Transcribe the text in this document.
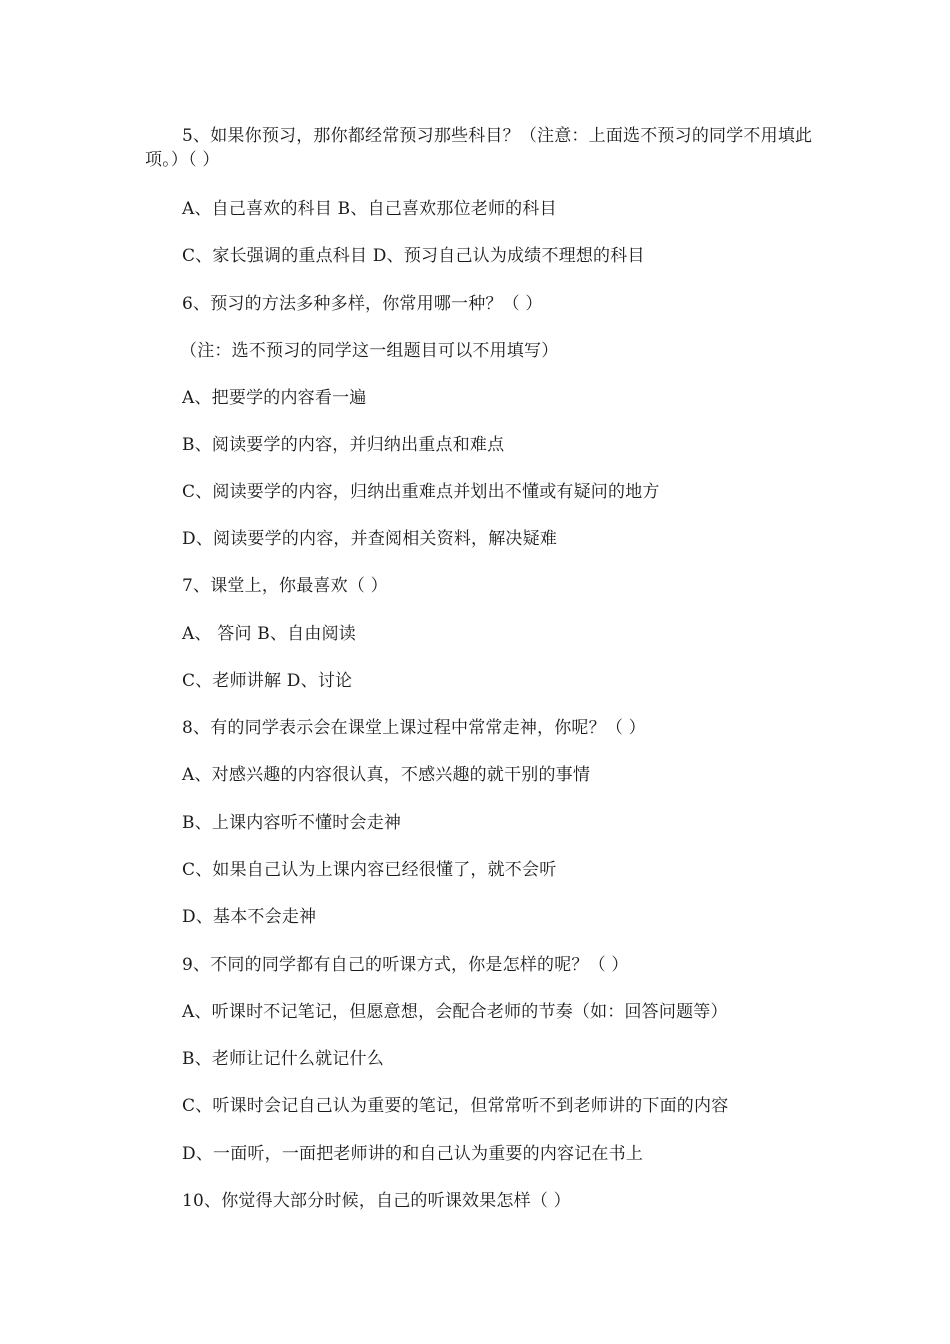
5、如果你预习，那你都经常预习那些科目？（注意：上面选不预习的同学不用填此项。）（ ）
A、自己喜欢的科目 B、自己喜欢那位老师的科目
C、家长强调的重点科目 D、预习自己认为成绩不理想的科目
6、预习的方法多种多样，你常用哪一种？（ ）
（注：选不预习的同学这一组题目可以不用填写）
A、把要学的内容看一遍
B、阅读要学的内容，并归纳出重点和难点
C、阅读要学的内容，归纳出重难点并划出不懂或有疑问的地方
D、阅读要学的内容，并查阅相关资料，解决疑难
7、课堂上，你最喜欢（ ）
A、 答问 B、自由阅读
C、老师讲解 D、讨论
8、有的同学表示会在课堂上课过程中常常走神，你呢？（ ）
A、对感兴趣的内容很认真，不感兴趣的就干别的事情
B、上课内容听不懂时会走神
C、如果自己认为上课内容已经很懂了，就不会听
D、基本不会走神
9、不同的同学都有自己的听课方式，你是怎样的呢？（ ）
A、听课时不记笔记，但愿意想，会配合老师的节奏（如：回答问题等）
B、老师让记什么就记什么
C、听课时会记自己认为重要的笔记，但常常听不到老师讲的下面的内容
D、一面听，一面把老师讲的和自己认为重要的内容记在书上
10、你觉得大部分时候，自己的听课效果怎样（ ）
